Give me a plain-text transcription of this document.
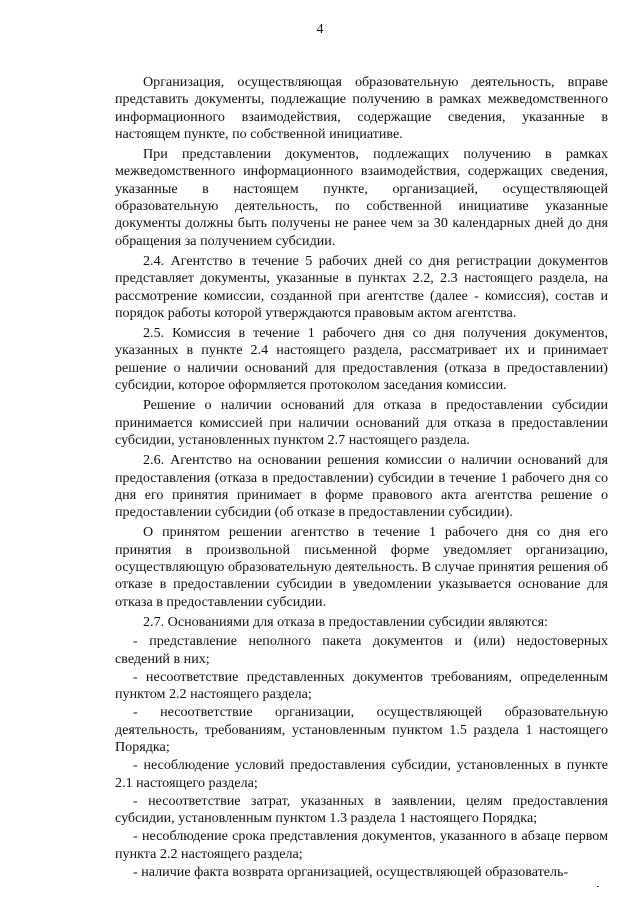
4

Организация, осуществляющая образовательную деятельность, вправе представить документы, подлежащие получению в рамках межведомственного информационного взаимодействия, содержащие сведения, указанные в настоящем пункте, по собственной инициативе.

При представлении документов, подлежащих получению в рамках межведомственного информационного взаимодействия, содержащих сведения, указанные в настоящем пункте, организацией, осуществляющей образовательную деятельность, по собственной инициативе указанные документы должны быть получены не ранее чем за 30 календарных дней до дня обращения за получением субсидии.

2.4. Агентство в течение 5 рабочих дней со дня регистрации документов представляет документы, указанные в пунктах 2.2, 2.3 настоящего раздела, на рассмотрение комиссии, созданной при агентстве (далее - комиссия), состав и порядок работы которой утверждаются правовым актом агентства.

2.5. Комиссия в течение 1 рабочего дня со дня получения документов, указанных в пункте 2.4 настоящего раздела, рассматривает их и принимает решение о наличии оснований для предоставления (отказа в предоставлении) субсидии, которое оформляется протоколом заседания комиссии.

Решение о наличии оснований для отказа в предоставлении субсидии принимается комиссией при наличии оснований для отказа в предоставлении субсидии, установленных пунктом 2.7 настоящего раздела.

2.6. Агентство на основании решения комиссии о наличии оснований для предоставления (отказа в предоставлении) субсидии в течение 1 рабочего дня со дня его принятия принимает в форме правового акта агентства решение о предоставлении субсидии (об отказе в предоставлении субсидии).

О принятом решении агентство в течение 1 рабочего дня со дня его принятия в произвольной письменной форме уведомляет организацию, осуществляющую образовательную деятельность. В случае принятия решения об отказе в предоставлении субсидии в уведомлении указывается основание для отказа в предоставлении субсидии.

2.7. Основаниями для отказа в предоставлении субсидии являются:

- представление неполного пакета документов и (или) недостоверных сведений в них;

- несоответствие представленных документов требованиям, определенным пунктом 2.2 настоящего раздела;

- несоответствие организации, осуществляющей образовательную деятельность, требованиям, установленным пунктом 1.5 раздела 1 настоящего Порядка;

- несоблюдение условий предоставления субсидии, установленных в пункте 2.1 настоящего раздела;

- несоответствие затрат, указанных в заявлении, целям предоставления субсидии, установленным пунктом 1.3 раздела 1 настоящего Порядка;

- несоблюдение срока представления документов, указанного в абзаце первом пункта 2.2 настоящего раздела;

- наличие факта возврата организацией, осуществляющей образователь-
